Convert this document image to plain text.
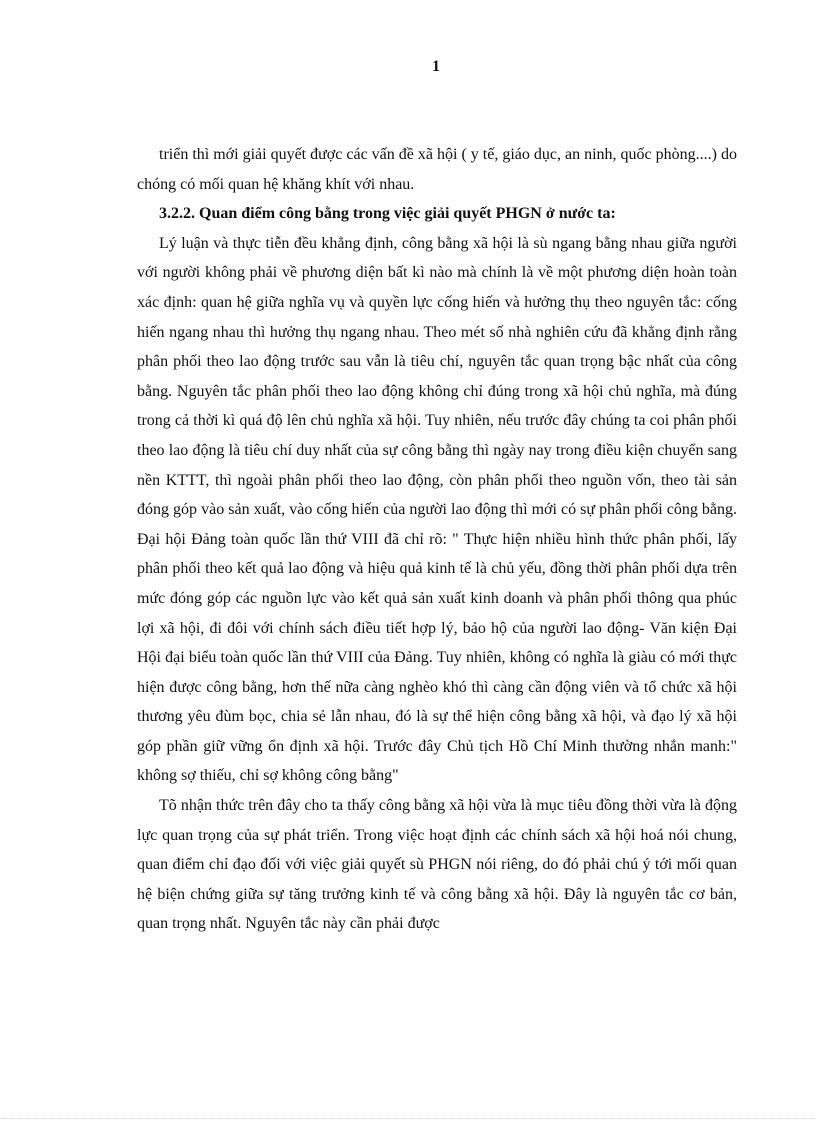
1

triển thì mới giải quyết được các vấn đề xã hội ( y tế, giáo dục, an ninh, quốc phòng....) do chóng có mối quan hệ khăng khít với nhau.

3.2.2. Quan điểm công bằng trong việc giải quyết PHGN ở nước ta:

Lý luận và thực tiễn đều khẳng định, công bằng xã hội là sù ngang bằng nhau giữa người với người không phải về phương diện bất kì nào mà chính là về một phương diện hoàn toàn xác định: quan hệ giữa nghĩa vụ và quyền lực cống hiến và hưởng thụ theo nguyên tắc: cống hiến ngang nhau thì hưởng thụ ngang nhau. Theo mét số nhà nghiên cứu đã khẳng định rằng phân phối theo lao động trước sau vẫn là tiêu chí, nguyên tắc quan trọng bậc nhất của công bằng. Nguyên tắc phân phối theo lao động không chỉ đúng trong xã hội chủ nghĩa, mà đúng trong cả thời kì quá độ lên chủ nghĩa xã hội. Tuy nhiên, nếu trước đây chúng ta coi phân phối theo lao động là tiêu chí duy nhất của sự công bằng thì ngày nay trong điều kiện chuyển sang nền KTTT, thì ngoài phân phối theo lao động, còn phân phối theo nguồn vốn, theo tài sản đóng góp vào sản xuất, vào cống hiến của người lao động thì mới có sự phân phối công bằng. Đại hội Đảng toàn quốc lần thứ VIII đã chỉ rõ: " Thực hiện nhiều hình thức phân phối, lấy phân phối theo kết quả lao động và hiệu quả kinh tế là chủ yếu, đồng thời phân phối dựa trên mức đóng góp các nguồn lực vào kết quả sản xuất kinh doanh và phân phối thông qua phúc lợi xã hội, đi đôi với chính sách điều tiết hợp lý, bảo hộ của người lao động- Văn kiện Đại Hội đại biểu toàn quốc lần thứ VIII của Đảng. Tuy nhiên, không có nghĩa là giàu có mới thực hiện được công bằng, hơn thế nữa càng nghèo khó thì càng cần động viên và tổ chức xã hội thương yêu đùm bọc, chia sẻ lẫn nhau, đó là sự thể hiện công bằng xã hội, và đạo lý xã hội góp phần giữ vững ổn định xã hội. Trước đây Chủ tịch Hồ Chí Minh thường nhắn manh:" không sợ thiếu, chỉ sợ không công bằng"

Tõ nhận thức trên đây cho ta thấy công bằng xã hội vừa là mục tiêu đồng thời vừa là động lực quan trọng của sự phát triển. Trong việc hoạt định các chính sách xã hội hoá nói chung, quan điểm chỉ đạo đối với việc giải quyết sù PHGN nói riêng, do đó phải chú ý tới mối quan hệ biện chứng giữa sự tăng trưởng kinh tế và công bằng xã hội. Đây là nguyên tắc cơ bản, quan trọng nhất. Nguyên tắc này cần phải được
